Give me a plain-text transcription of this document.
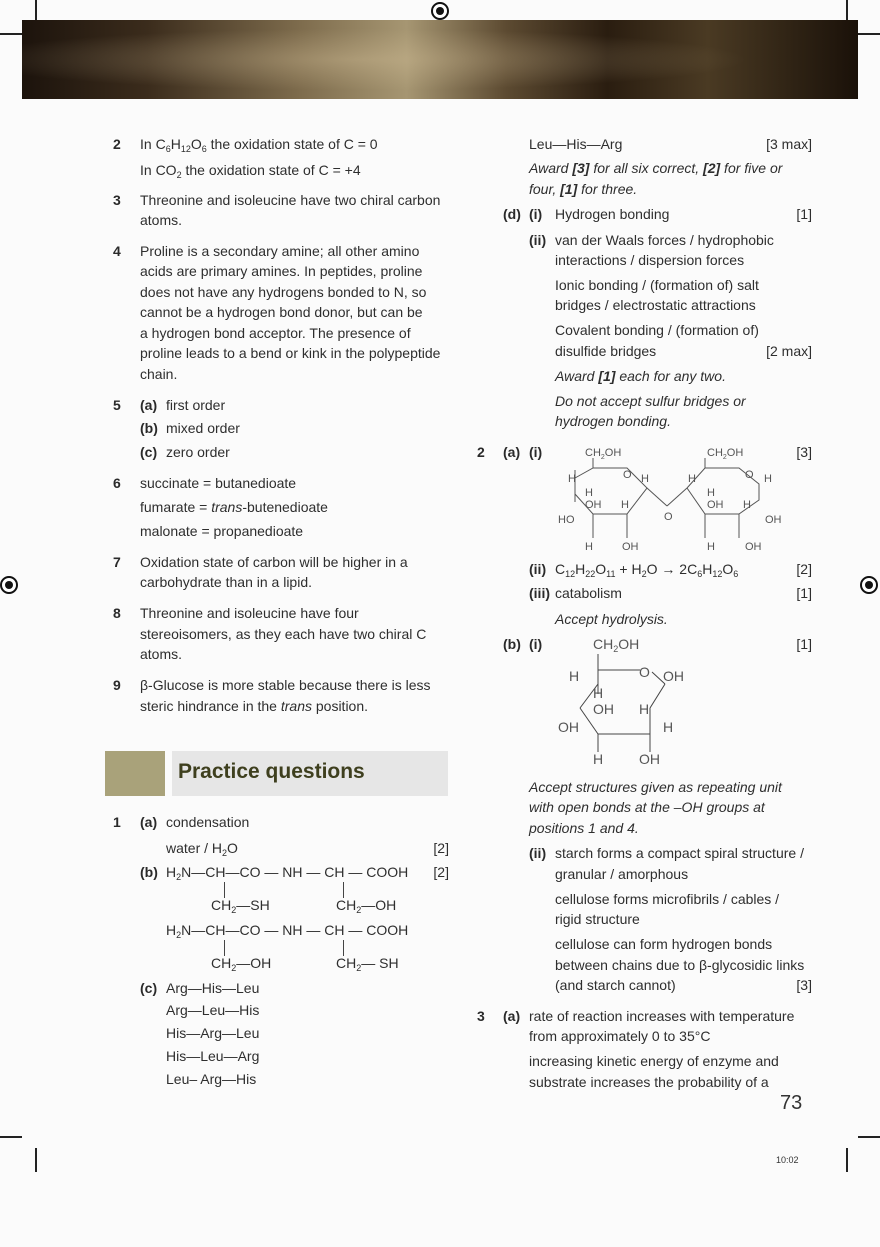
2 In $C_6H_{12}O_6$ the oxidation state of C = 0
In $CO_2$ the oxidation state of C = +4
3 Threonine and isoleucine have two chiral carbon
atoms.
4 Proline is a secondary amine; all other amino
acids are primary amines. In peptides, proline
does not have any hydrogens bonded to N, so
cannot be a hydrogen bond donor, but can be
a hydrogen bond acceptor. The presence of
proline leads to a bend or kink in the polypeptide
chain.
5 (a) first order
(b) mixed order
(c) zero order
6 succinate = butanedioate
fumarate = trans-butenedioate
malonate = propanedioate
7 Oxidation state of carbon will be higher in a
carbohydrate than in a lipid.
8 Threonine and isoleucine have four
stereoisomers, as they each have two chiral C
atoms.
9 β-Glucose is more stable because there is less
steric hindrance in the trans position.
Practice questions
1 (a) condensation
water / $H_2O$	[2]
(b)	[2]
$H_2N—CH—CO$ — NH — CH — COOH
$CH_2—SH$	$CH_2—OH$
$H_2N—CH—CO$ — NH — CH — COOH
$CH_2—OH$	$CH_2—$ SH
(c) Arg—His—Leu
Arg—Leu—His
His—Arg—Leu
His—Leu—Arg
Leu– Arg—His
Leu—His—Arg	[3 max]
Award [3] for all six correct, [2] for five or
four, [1] for three.
(d) (i) Hydrogen bonding	[1]
(ii) van der Waals forces / hydrophobic
interactions / dispersion forces
Ionic bonding / (formation of) salt
bridges / electrostatic attractions
Covalent bonding / (formation of)
disulfide bridges	[2 max]
Award [1] each for any two.
Do not accept sulfur bridges or
hydrogen bonding.
2 (a) (i)	[3]
$CH_2OH$	$CH_2OH$
O	O
H	H	H	H
H	H
OH H	OH H
HO	O	OH
H	OH	H	OH
(ii) $C_{12}H_{22}O_{11} + H_2O \to 2C_6H_{12}O_6$	[2]
(iii) catabolism	[1]
Accept hydrolysis.
(b) (i)	[1]
$CH_2OH$
H	O OH
H
OH H
OH	H
H	OH
Accept structures given as repeating unit
with open bonds at the –OH groups at
positions 1 and 4.
(ii) starch forms a compact spiral structure /
granular / amorphous
cellulose forms microfibrils / cables /
rigid structure
cellulose can form hydrogen bonds
between chains due to β-glycosidic links
(and starch cannot)	[3]
3 (a) rate of reaction increases with temperature
from approximately 0 to 35°C
increasing kinetic energy of enzyme and
substrate increases the probability of a
73
10:02
